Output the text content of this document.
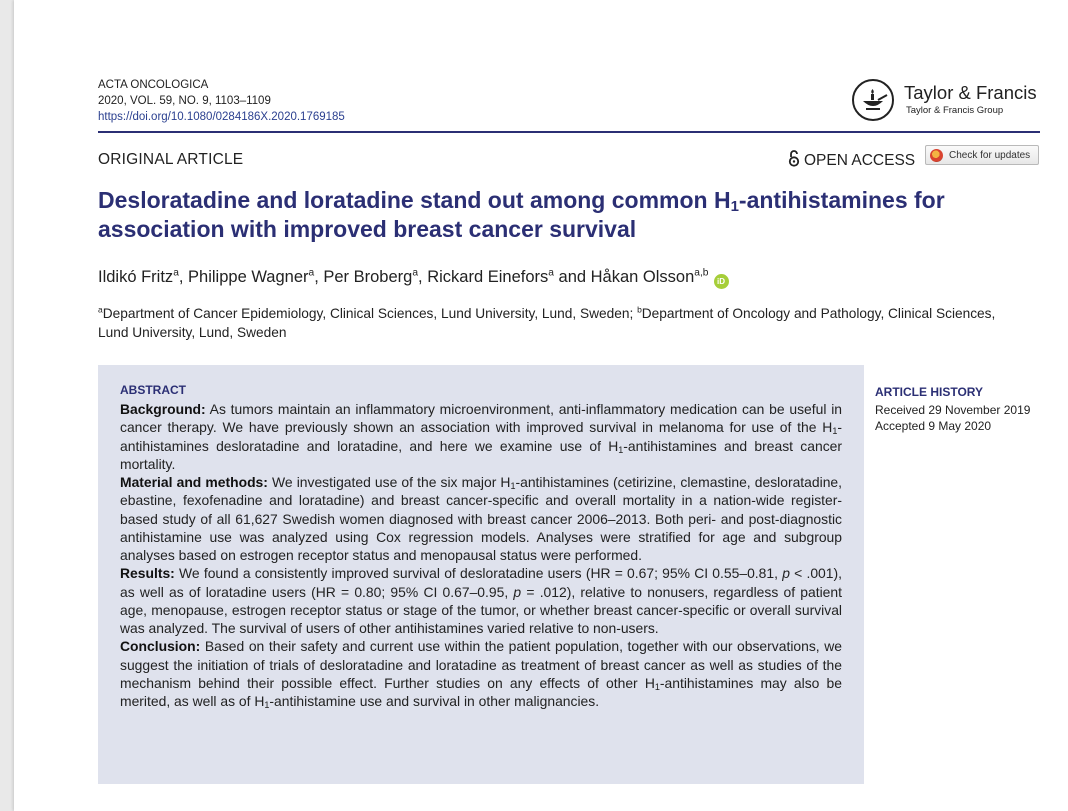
ACTA ONCOLOGICA
2020, VOL. 59, NO. 9, 1103–1109
https://doi.org/10.1080/0284186X.2020.1769185
Taylor & Francis
Taylor & Francis Group
ORIGINAL ARTICLE	OPEN ACCESS	Check for updates
Desloratadine and loratadine stand out among common $H_1$-antihistamines for association with improved breast cancer survival
Ildikó Fritz$^a$, Philippe Wagner$^a$, Per Broberg$^a$, Rickard Einefors$^a$ and Håkan Olsson$^{a,b}$iD
$^a$Department of Cancer Epidemiology, Clinical Sciences, Lund University, Lund, Sweden; $^b$Department of Oncology and Pathology, Clinical Sciences, Lund University, Lund, Sweden
ABSTRACT

Background: As tumors maintain an inflammatory microenvironment, anti-inflammatory medication can be useful in cancer therapy. We have previously shown an association with improved survival in melanoma for use of the $H_1$-antihistamines desloratadine and loratadine, and here we examine use of $H_1$-antihistamines and breast cancer mortality.

Material and methods: We investigated use of the six major $H_1$-antihistamines (cetirizine, clemastine, desloratadine, ebastine, fexofenadine and loratadine) and breast cancer-specific and overall mortality in a nation-wide register-based study of all 61,627 Swedish women diagnosed with breast cancer 2006–2013. Both peri- and post-diagnostic antihistamine use was analyzed using Cox regression models. Analyses were stratified for age and subgroup analyses based on estrogen receptor status and menopausal status were performed.

Results: We found a consistently improved survival of desloratadine users (HR = 0.67; 95% CI 0.55–0.81, p < .001), as well as of loratadine users (HR = 0.80; 95% CI 0.67–0.95, p = .012), relative to nonusers, regardless of patient age, menopause, estrogen receptor status or stage of the tumor, or whether breast cancer-specific or overall survival was analyzed. The survival of users of other antihistamines varied relative to non-users.

Conclusion: Based on their safety and current use within the patient population, together with our observations, we suggest the initiation of trials of desloratadine and loratadine as treatment of breast cancer as well as studies of the mechanism behind their possible effect. Further studies on any effects of other $H_1$-antihistamines may also be merited, as well as of $H_1$-antihistamine use and survival in other malignancies.

ARTICLE HISTORY
Received 29 November 2019
Accepted 9 May 2020
